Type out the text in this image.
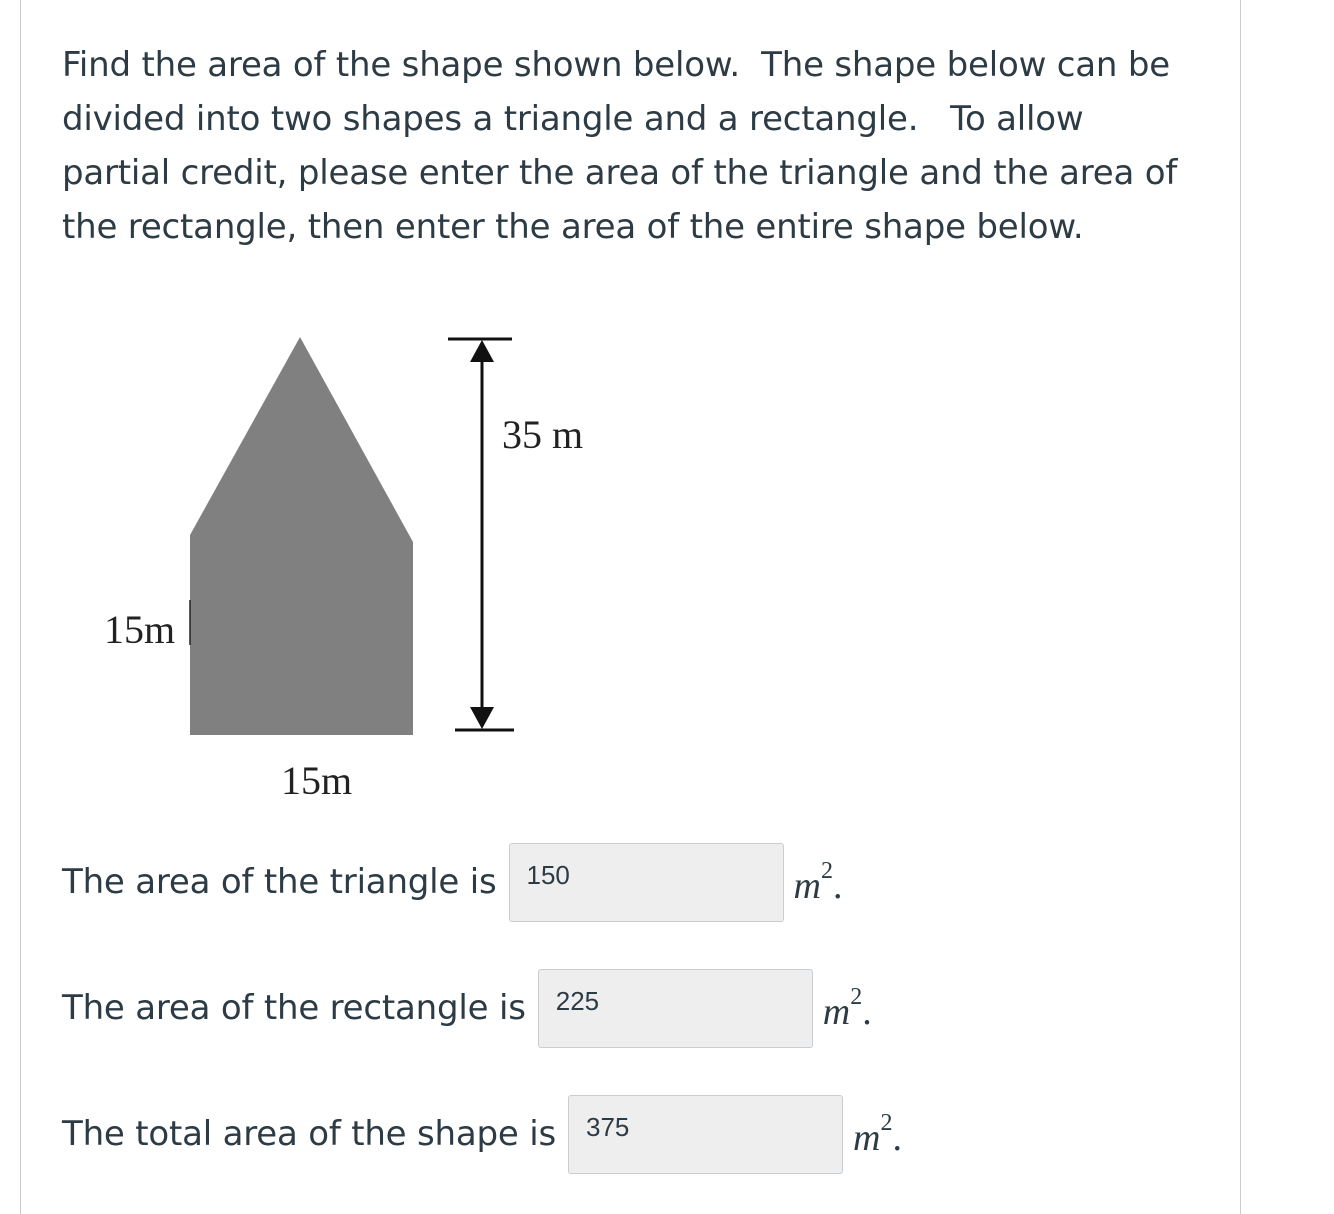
Find the area of the shape shown below.  The shape below can be divided into two shapes a triangle and a rectangle.   To allow partial credit, please enter the area of the triangle and the area of the rectangle, then enter the area of the entire shape below.

35 m
15m
15m
The area of the triangle is
150	$m^2$.
The area of the rectangle is
225	$m^2$.
The total area of the shape is
375	$m^2$.
